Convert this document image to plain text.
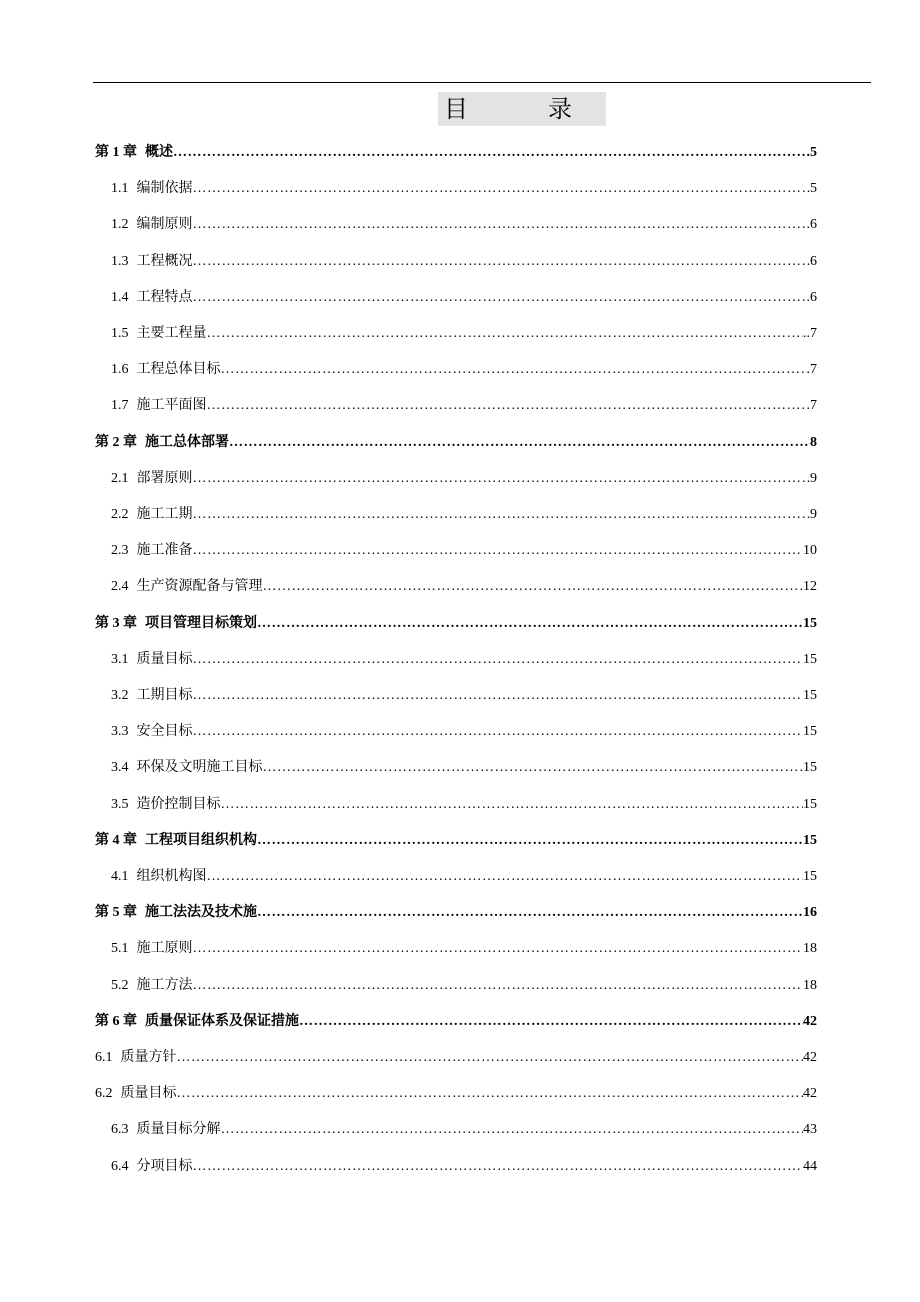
目　录
第 1 章 概述 …………………………………………………………………………………………………………………………………………………………………………………………………………………	5
1.1 编制依据 …………………………………………………………………………………………………………………………………………………………………………………………………………………	5
1.2 编制原则 …………………………………………………………………………………………………………………………………………………………………………………………………………………	.6
1.3 工程概况 …………………………………………………………………………………………………………………………………………………………………………………………………………………	6
1.4 工程特点 …………………………………………………………………………………………………………………………………………………………………………………………………………………	.6
1.5 主要工程量 …………………………………………………………………………………………………………………………………………………………………………………………………………………	..7
1.6 工程总体目标 …………………………………………………………………………………………………………………………………………………………………………………………………………………	.7
1.7 施工平面图 …………………………………………………………………………………………………………………………………………………………………………………………………………………	.7
第 2 章 施工总体部署 …………………………………………………………………………………………………………………………………………………………………………………………………………………	8
2.1 部署原则 …………………………………………………………………………………………………………………………………………………………………………………………………………………	9
2.2 施工工期 …………………………………………………………………………………………………………………………………………………………………………………………………………………	9
2.3 施工准备 …………………………………………………………………………………………………………………………………………………………………………………………………………………	10
2.4 生产资源配备与管理 …………………………………………………………………………………………………………………………………………………………………………………………………………………	12
第 3 章 项目管理目标策划 …………………………………………………………………………………………………………………………………………………………………………………………………………………	15
3.1 质量目标 …………………………………………………………………………………………………………………………………………………………………………………………………………………	15
3.2 工期目标 …………………………………………………………………………………………………………………………………………………………………………………………………………………	15
3.3 安全目标 …………………………………………………………………………………………………………………………………………………………………………………………………………………	15
3.4 环保及文明施工目标 …………………………………………………………………………………………………………………………………………………………………………………………………………………	15
3.5 造价控制目标 …………………………………………………………………………………………………………………………………………………………………………………………………………………	15
第 4 章 工程项目组织机构 …………………………………………………………………………………………………………………………………………………………………………………………………………………	15
4.1 组织机构图 …………………………………………………………………………………………………………………………………………………………………………………………………………………	15
第 5 章 施工法法及技术施 …………………………………………………………………………………………………………………………………………………………………………………………………………………	16
5.1 施工原则 …………………………………………………………………………………………………………………………………………………………………………………………………………………	18
5.2 施工方法 …………………………………………………………………………………………………………………………………………………………………………………………………………………	18
第 6 章 质量保证体系及保证措施 …………………………………………………………………………………………………………………………………………………………………………………………………………………	42
6.1 质量方针 …………………………………………………………………………………………………………………………………………………………………………………………………………………	42
6.2 质量目标 …………………………………………………………………………………………………………………………………………………………………………………………………………………	42
6.3 质量目标分解 …………………………………………………………………………………………………………………………………………………………………………………………………………………	43
6.4 分项目标 …………………………………………………………………………………………………………………………………………………………………………………………………………………	44
